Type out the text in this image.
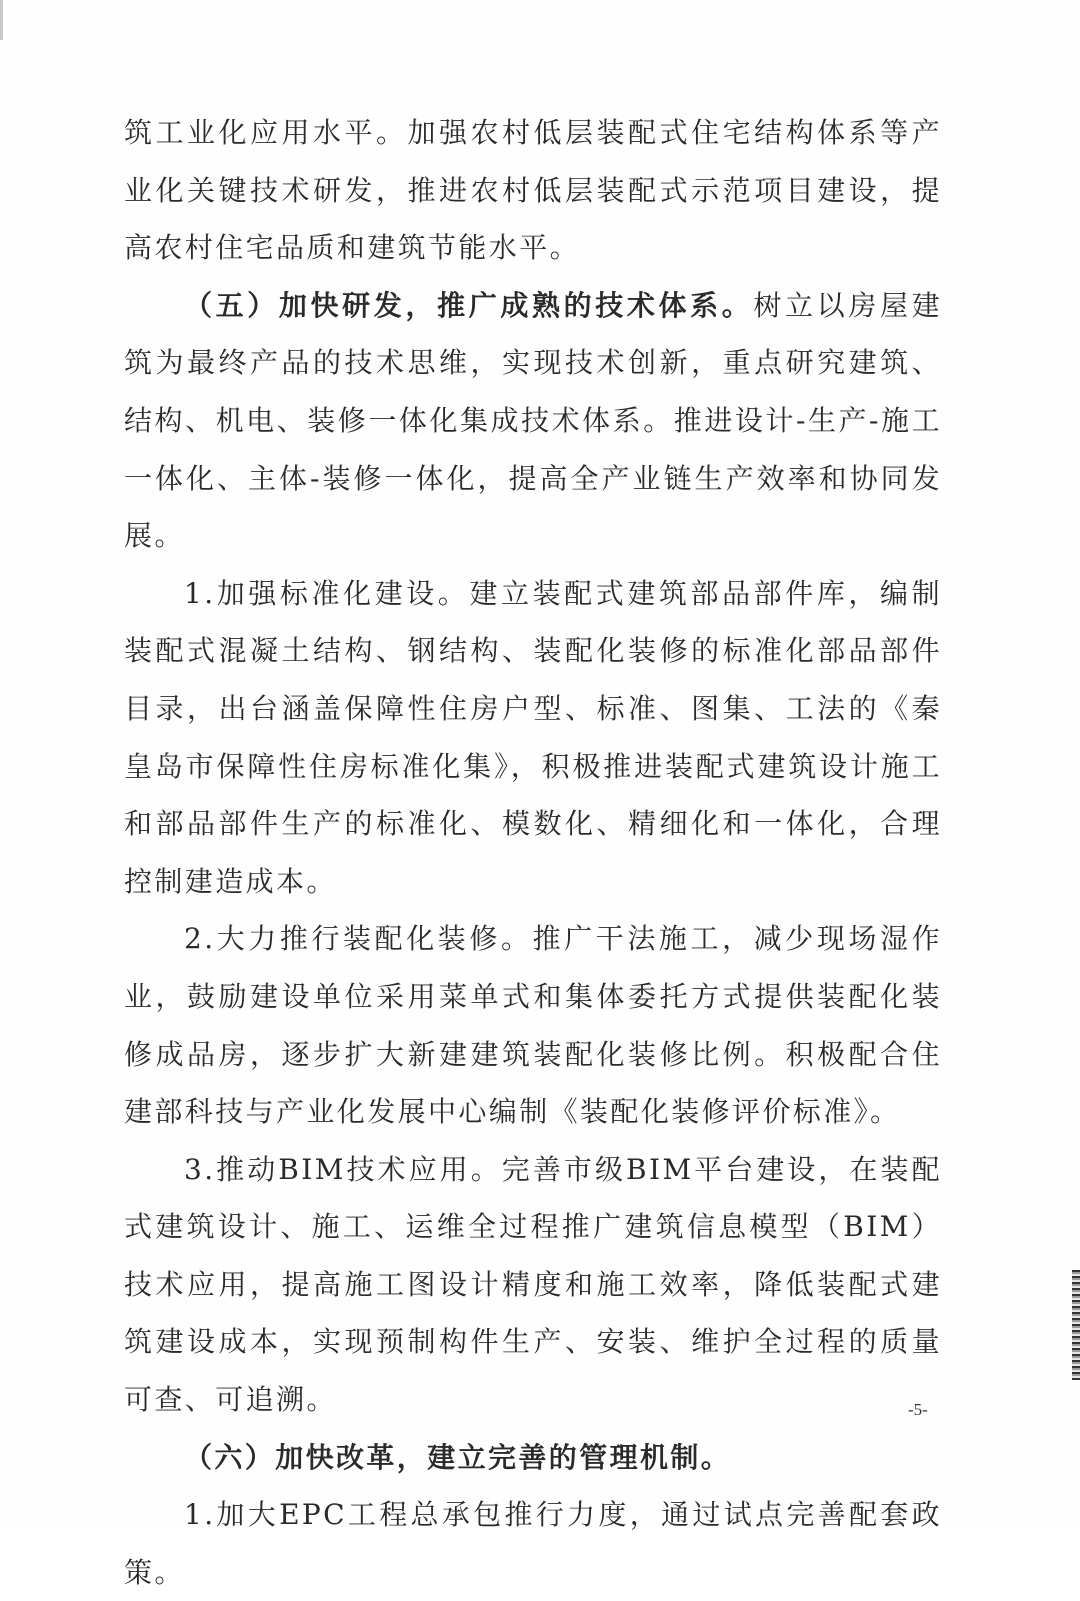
筑工业化应用水平。加强农村低层装配式住宅结构体系等产业化关键技术研发，推进农村低层装配式示范项目建设，提高农村住宅品质和建筑节能水平。

（五）加快研发，推广成熟的技术体系。树立以房屋建筑为最终产品的技术思维，实现技术创新，重点研究建筑、结构、机电、装修一体化集成技术体系。推进设计-生产-施工一体化、主体-装修一体化，提高全产业链生产效率和协同发展。

1.加强标准化建设。建立装配式建筑部品部件库，编制装配式混凝土结构、钢结构、装配化装修的标准化部品部件目录，出台涵盖保障性住房户型、标准、图集、工法的《秦皇岛市保障性住房标准化集》，积极推进装配式建筑设计施工和部品部件生产的标准化、模数化、精细化和一体化，合理控制建造成本。

2.大力推行装配化装修。推广干法施工，减少现场湿作业，鼓励建设单位采用菜单式和集体委托方式提供装配化装修成品房，逐步扩大新建建筑装配化装修比例。积极配合住建部科技与产业化发展中心编制《装配化装修评价标准》。

3.推动BIM技术应用。完善市级BIM平台建设，在装配式建筑设计、施工、运维全过程推广建筑信息模型（BIM）技术应用，提高施工图设计精度和施工效率，降低装配式建筑建设成本，实现预制构件生产、安装、维护全过程的质量可查、可追溯。

（六）加快改革，建立完善的管理机制。

1.加大EPC工程总承包推行力度，通过试点完善配套政策。

-5-
